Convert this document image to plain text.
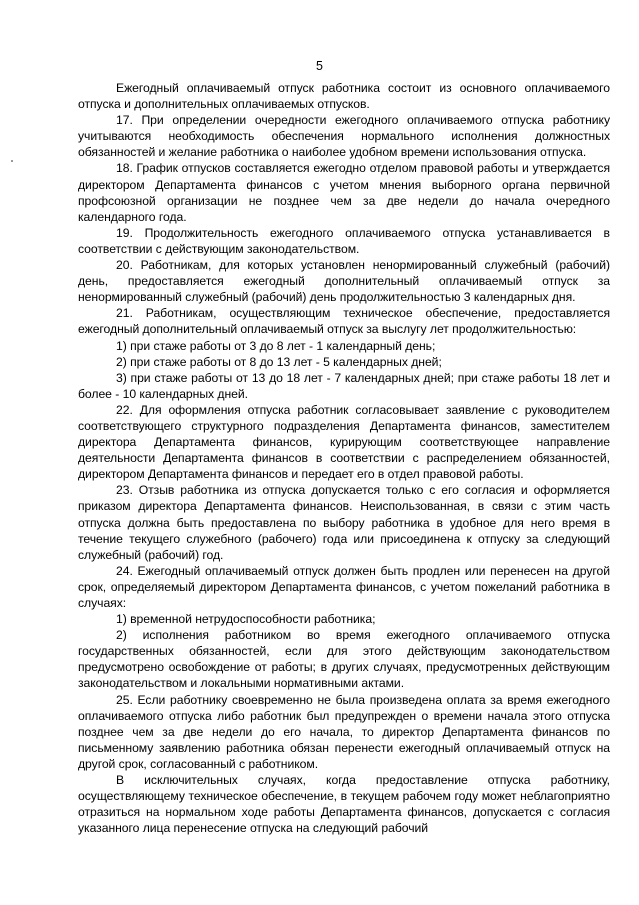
5

Ежегодный оплачиваемый отпуск работника состоит из основного оплачиваемого отпуска и дополнительных оплачиваемых отпусков.

17. При определении очередности ежегодного оплачиваемого отпуска работнику учитываются необходимость обеспечения нормального исполнения должностных обязанностей и желание работника о наиболее удобном времени использования отпуска.

18. График отпусков составляется ежегодно отделом правовой работы и утверждается директором Департамента финансов с учетом мнения выборного органа первичной профсоюзной организации не позднее чем за две недели до начала очередного календарного года.

19. Продолжительность ежегодного оплачиваемого отпуска устанавливается в соответствии с действующим законодательством.

20. Работникам, для которых установлен ненормированный служебный (рабочий) день, предоставляется ежегодный дополнительный оплачиваемый отпуск за ненормированный служебный (рабочий) день продолжительностью 3 календарных дня.

21. Работникам, осуществляющим техническое обеспечение, предоставляется ежегодный дополнительный оплачиваемый отпуск за выслугу лет продолжительностью:

1) при стаже работы от 3 до 8 лет - 1 календарный день;

2) при стаже работы от 8 до 13 лет - 5 календарных дней;

3) при стаже работы от 13 до 18 лет - 7 календарных дней; при стаже работы 18 лет и более - 10 календарных дней.

22. Для оформления отпуска работник согласовывает заявление с руководителем соответствующего структурного подразделения Департамента финансов, заместителем директора Департамента финансов, курирующим соответствующее направление деятельности Департамента финансов в соответствии с распределением обязанностей, директором Департамента финансов и передает его в отдел правовой работы.

23. Отзыв работника из отпуска допускается только с его согласия и оформляется приказом директора Департамента финансов. Неиспользованная, в связи с этим часть отпуска должна быть предоставлена по выбору работника в удобное для него время в течение текущего служебного (рабочего) года или присоединена к отпуску за следующий служебный (рабочий) год.

24. Ежегодный оплачиваемый отпуск должен быть продлен или перенесен на другой срок, определяемый директором Департамента финансов, с учетом пожеланий работника в случаях:

1) временной нетрудоспособности работника;

2) исполнения работником во время ежегодного оплачиваемого отпуска государственных обязанностей, если для этого действующим законодательством предусмотрено освобождение от работы; в других случаях, предусмотренных действующим законодательством и локальными нормативными актами.

25. Если работнику своевременно не была произведена оплата за время ежегодного оплачиваемого отпуска либо работник был предупрежден о времени начала этого отпуска позднее чем за две недели до его начала, то директор Департамента финансов по письменному заявлению работника обязан перенести ежегодный оплачиваемый отпуск на другой срок, согласованный с работником.

В исключительных случаях, когда предоставление отпуска работнику, осуществляющему техническое обеспечение, в текущем рабочем году может неблагоприятно отразиться на нормальном ходе работы Департамента финансов, допускается с согласия указанного лица перенесение отпуска на следующий рабочий
